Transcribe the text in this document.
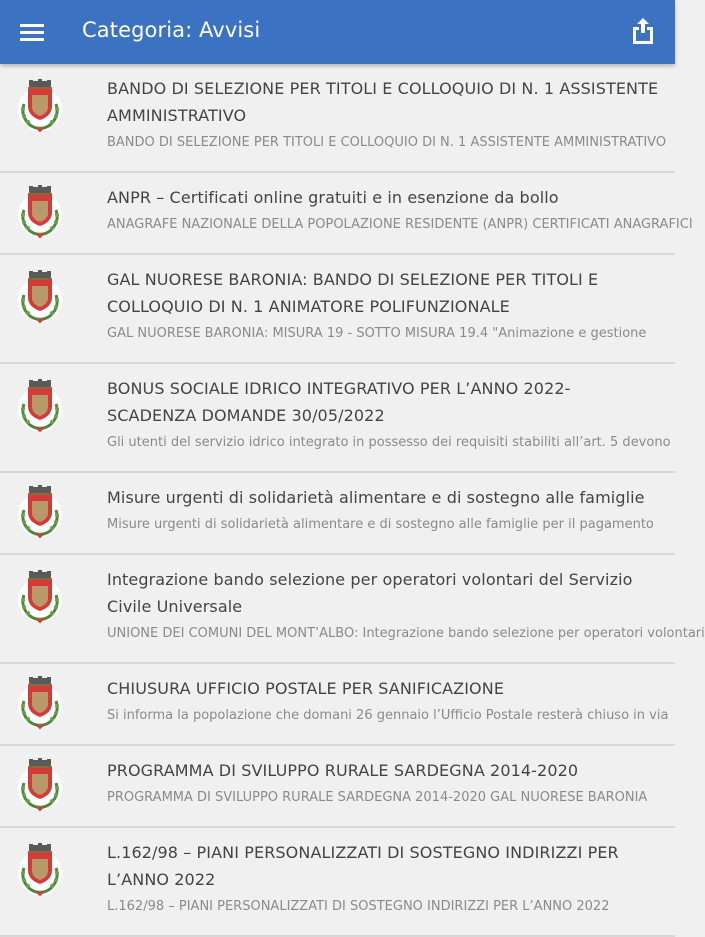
Categoria: Avvisi
BANDO DI SELEZIONE PER TITOLI E COLLOQUIO DI N. 1 ASSISTENTE AMMINISTRATIVO
BANDO DI SELEZIONE PER TITOLI E COLLOQUIO DI N. 1 ASSISTENTE AMMINISTRATIVO
ANPR – Certificati online gratuiti e in esenzione da bollo
ANAGRAFE NAZIONALE DELLA POPOLAZIONE RESIDENTE (ANPR) CERTIFICATI ANAGRAFICI
GAL NUORESE BARONIA: BANDO DI SELEZIONE PER TITOLI E COLLOQUIO DI N. 1 ANIMATORE POLIFUNZIONALE
GAL NUORESE BARONIA: MISURA 19 - SOTTO MISURA 19.4 "Animazione e gestione
BONUS SOCIALE IDRICO INTEGRATIVO PER L’ANNO 2022- SCADENZA DOMANDE 30/05/2022
Gli utenti del servizio idrico integrato in possesso dei requisiti stabiliti all’art. 5 devono
Misure urgenti di solidarietà alimentare e di sostegno alle famiglie
Misure urgenti di solidarietà alimentare e di sostegno alle famiglie per il pagamento
Integrazione bando selezione per operatori volontari del Servizio Civile Universale
UNIONE DEI COMUNI DEL MONT’ALBO: Integrazione bando selezione per operatori volontari
CHIUSURA UFFICIO POSTALE PER SANIFICAZIONE
Si informa la popolazione che domani 26 gennaio l’Ufficio Postale resterà chiuso in via
PROGRAMMA DI SVILUPPO RURALE SARDEGNA 2014-2020
PROGRAMMA DI SVILUPPO RURALE SARDEGNA 2014-2020 GAL NUORESE BARONIA
L.162/98 – PIANI PERSONALIZZATI DI SOSTEGNO INDIRIZZI PER L’ANNO 2022
L.162/98 – PIANI PERSONALIZZATI DI SOSTEGNO INDIRIZZI PER L’ANNO 2022
